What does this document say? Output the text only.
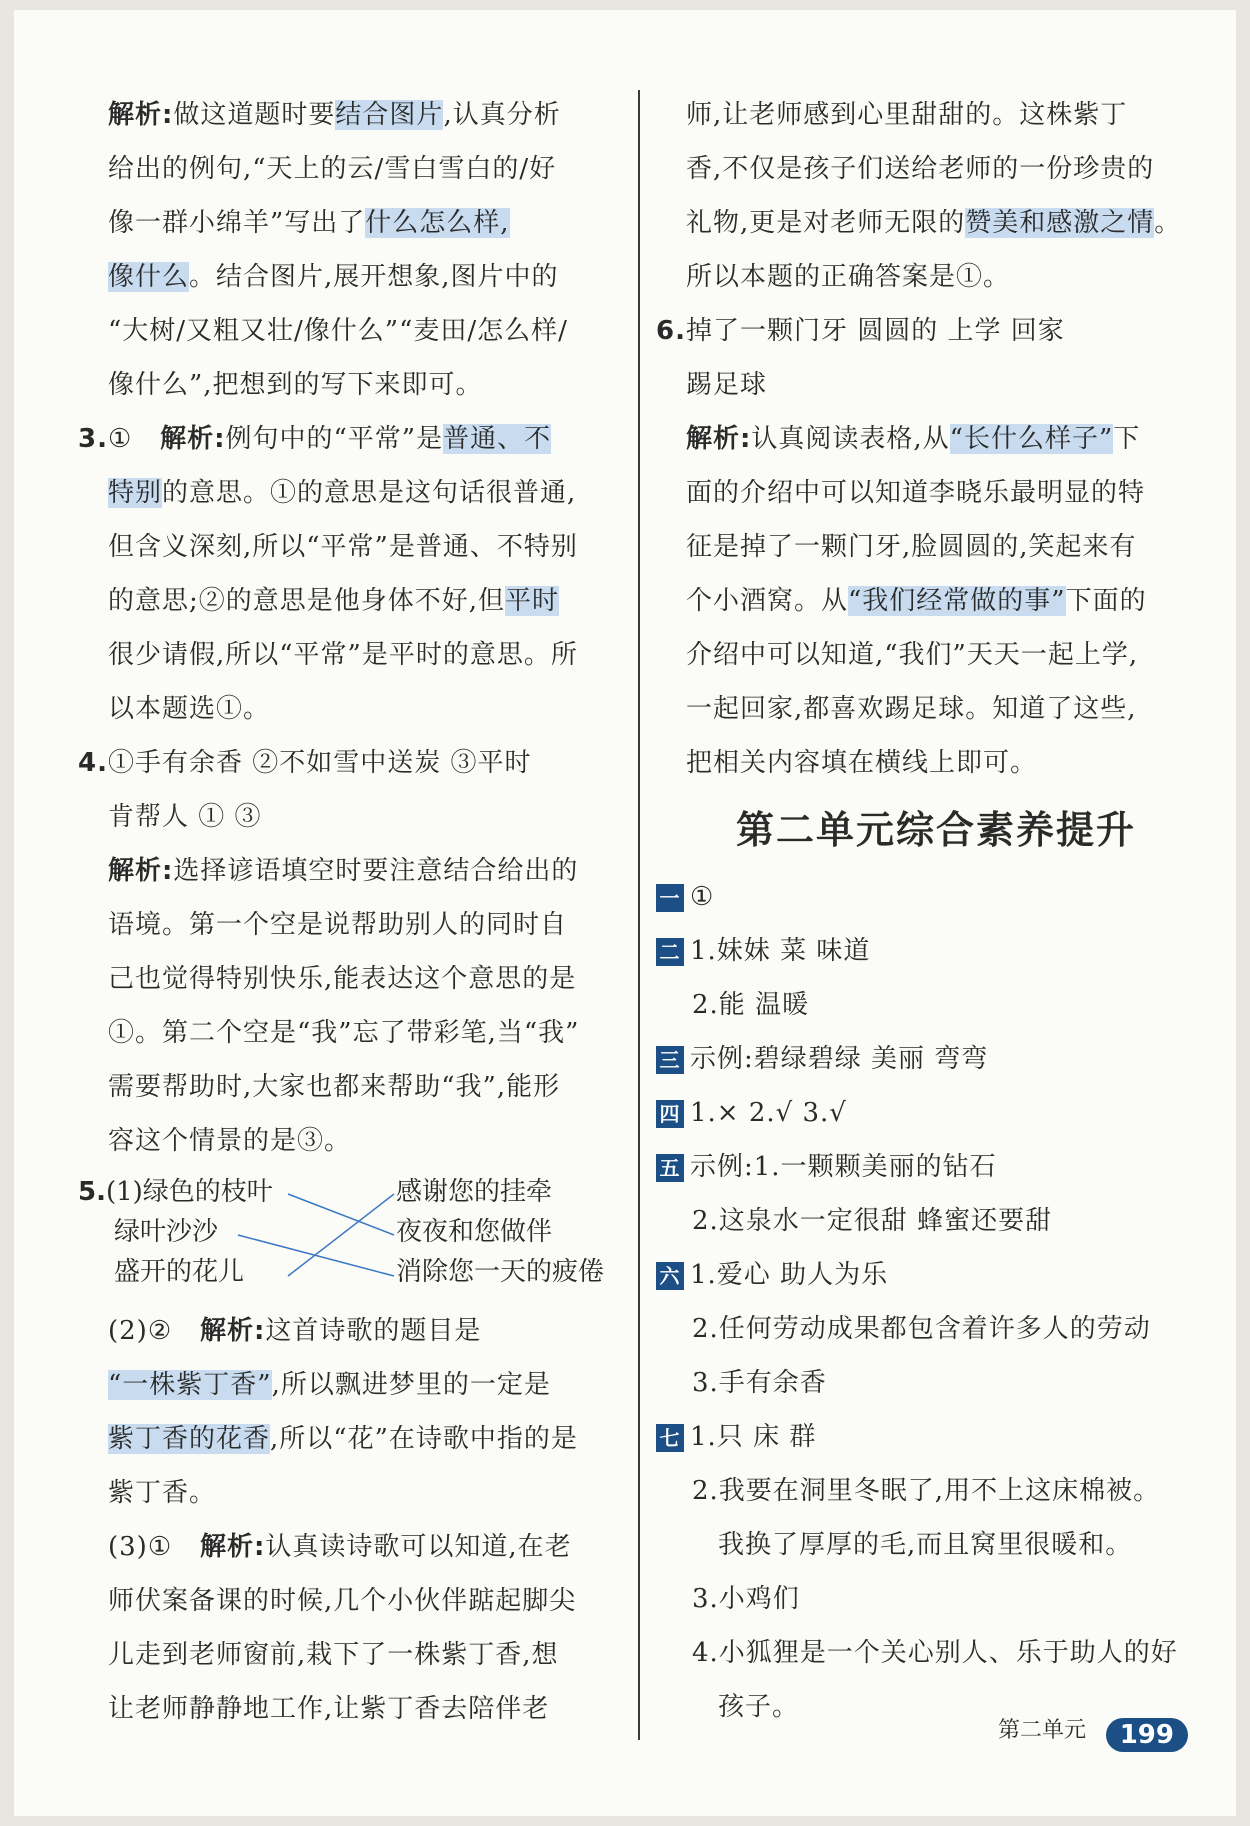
解析:做这道题时要结合图片,认真分析
给出的例句,“天上的云/雪白雪白的/好
像一群小绵羊”写出了什么怎么样,
像什么。结合图片,展开想象,图片中的
“大树/又粗又壮/像什么”“麦田/怎么样/
像什么”,把想到的写下来即可。
3.① 解析:例句中的“平常”是普通、不
特别的意思。①的意思是这句话很普通,
但含义深刻,所以“平常”是普通、不特别
的意思;②的意思是他身体不好,但平时
很少请假,所以“平常”是平时的意思。所
以本题选①。
4.①手有余香 ②不如雪中送炭 ③平时
肯帮人 ① ③
解析:选择谚语填空时要注意结合给出的
语境。第一个空是说帮助别人的同时自
己也觉得特别快乐,能表达这个意思的是
①。第二个空是“我”忘了带彩笔,当“我”
需要帮助时,大家也都来帮助“我”,能形
容这个情景的是③。
5.(1)绿色的枝叶	感谢您的挂牵
绿叶沙沙	夜夜和您做伴
盛开的花儿	消除您一天的疲倦
(2)② 解析:这首诗歌的题目是
“一株紫丁香”,所以飘进梦里的一定是
紫丁香的花香,所以“花”在诗歌中指的是
紫丁香。
(3)① 解析:认真读诗歌可以知道,在老
师伏案备课的时候,几个小伙伴踮起脚尖
儿走到老师窗前,栽下了一株紫丁香,想
让老师静静地工作,让紫丁香去陪伴老
师,让老师感到心里甜甜的。这株紫丁
香,不仅是孩子们送给老师的一份珍贵的
礼物,更是对老师无限的赞美和感激之情。
所以本题的正确答案是①。
6.掉了一颗门牙 圆圆的 上学 回家
踢足球
解析:认真阅读表格,从“长什么样子”下
面的介绍中可以知道李晓乐最明显的特
征是掉了一颗门牙,脸圆圆的,笑起来有
个小酒窝。从“我们经常做的事”下面的
介绍中可以知道,“我们”天天一起上学,
一起回家,都喜欢踢足球。知道了这些,
把相关内容填在横线上即可。
第二单元综合素养提升
一 ①
二 1.妹妹 菜 味道
2.能 温暖
三 示例:碧绿碧绿 美丽 弯弯
四 1.× 2.√ 3.√
五 示例:1.一颗颗美丽的钻石
2.这泉水一定很甜 蜂蜜还要甜
六 1.爱心 助人为乐
2.任何劳动成果都包含着许多人的劳动
3.手有余香
七 1.只 床 群
2.我要在洞里冬眠了,用不上这床棉被。
我换了厚厚的毛,而且窝里很暖和。
3.小鸡们
4.小狐狸是一个关心别人、乐于助人的好
孩子。
第二单元	199
